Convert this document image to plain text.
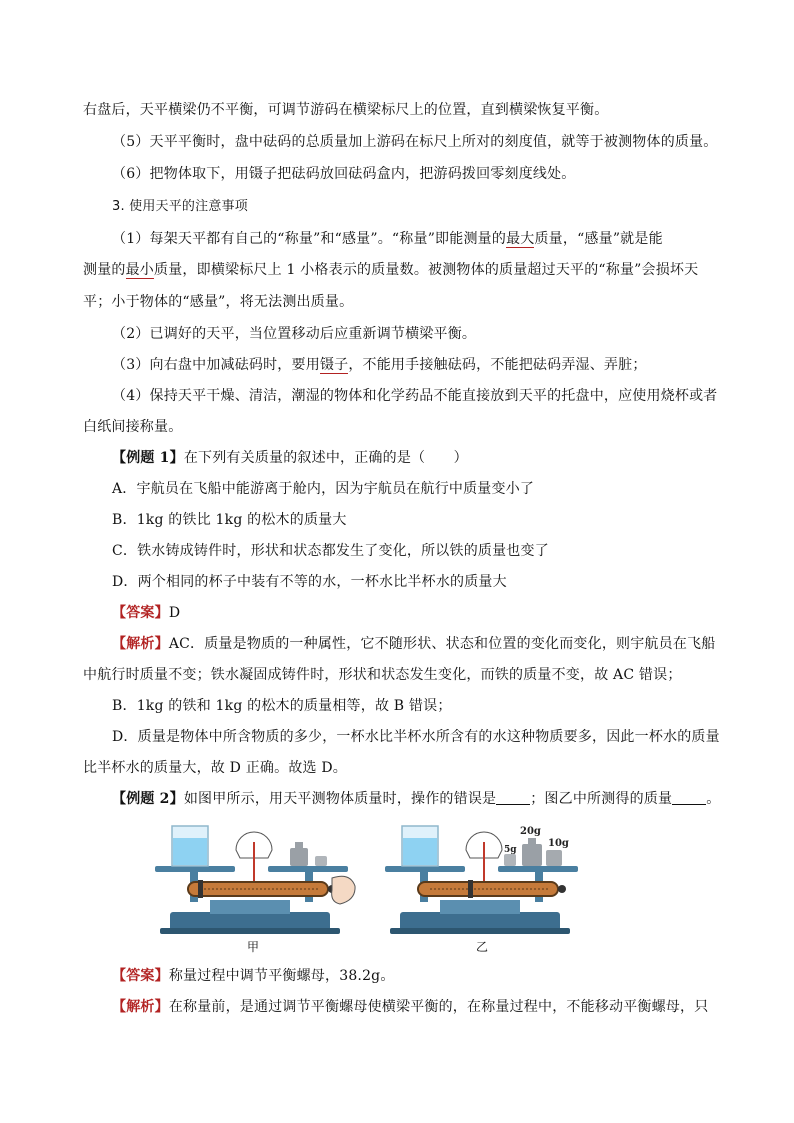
右盘后，天平横梁仍不平衡，可调节游码在横梁标尺上的位置，直到横梁恢复平衡。
（5）天平平衡时，盘中砝码的总质量加上游码在标尺上所对的刻度值，就等于被测物体的质量。
（6）把物体取下，用镊子把砝码放回砝码盒内，把游码拨回零刻度线处。
3. 使用天平的注意事项
（1）每架天平都有自己的“称量”和“感量”。“称量”即能测量的最大质量，“感量”就是能
测量的最小质量，即横梁标尺上 1 小格表示的质量数。被测物体的质量超过天平的“称量”会损坏天
平；小于物体的“感量”，将无法测出质量。
（2）已调好的天平，当位置移动后应重新调节横梁平衡。
（3）向右盘中加减砝码时，要用镊子，不能用手接触砝码，不能把砝码弄湿、弄脏；
（4）保持天平干燥、清洁，潮湿的物体和化学药品不能直接放到天平的托盘中，应使用烧杯或者
白纸间接称量。
【例题 1】在下列有关质量的叙述中，正确的是（　　）
A．宇航员在飞船中能游离于舱内，因为宇航员在航行中质量变小了
B．1kg 的铁比 1kg 的松木的质量大
C．铁水铸成铸件时，形状和状态都发生了变化，所以铁的质量也变了
D．两个相同的杯子中装有不等的水，一杯水比半杯水的质量大
【答案】D
【解析】AC．质量是物质的一种属性，它不随形状、状态和位置的变化而变化，则宇航员在飞船
中航行时质量不变；铁水凝固成铸件时，形状和状态发生变化，而铁的质量不变，故 AC 错误；
B．1kg 的铁和 1kg 的松木的质量相等，故 B 错误；
D．质量是物体中所含物质的多少，一杯水比半杯水所含有的水这种物质要多，因此一杯水的质量
比半杯水的质量大，故 D 正确。故选 D。
【例题 2】如图甲所示，用天平测物体质量时，操作的错误是 ；图乙中所测得的质量 。
甲
5g
20g
10g
乙
【答案】称量过程中调节平衡螺母，38.2g。
【解析】在称量前，是通过调节平衡螺母使横梁平衡的，在称量过程中，不能移动平衡螺母，只
